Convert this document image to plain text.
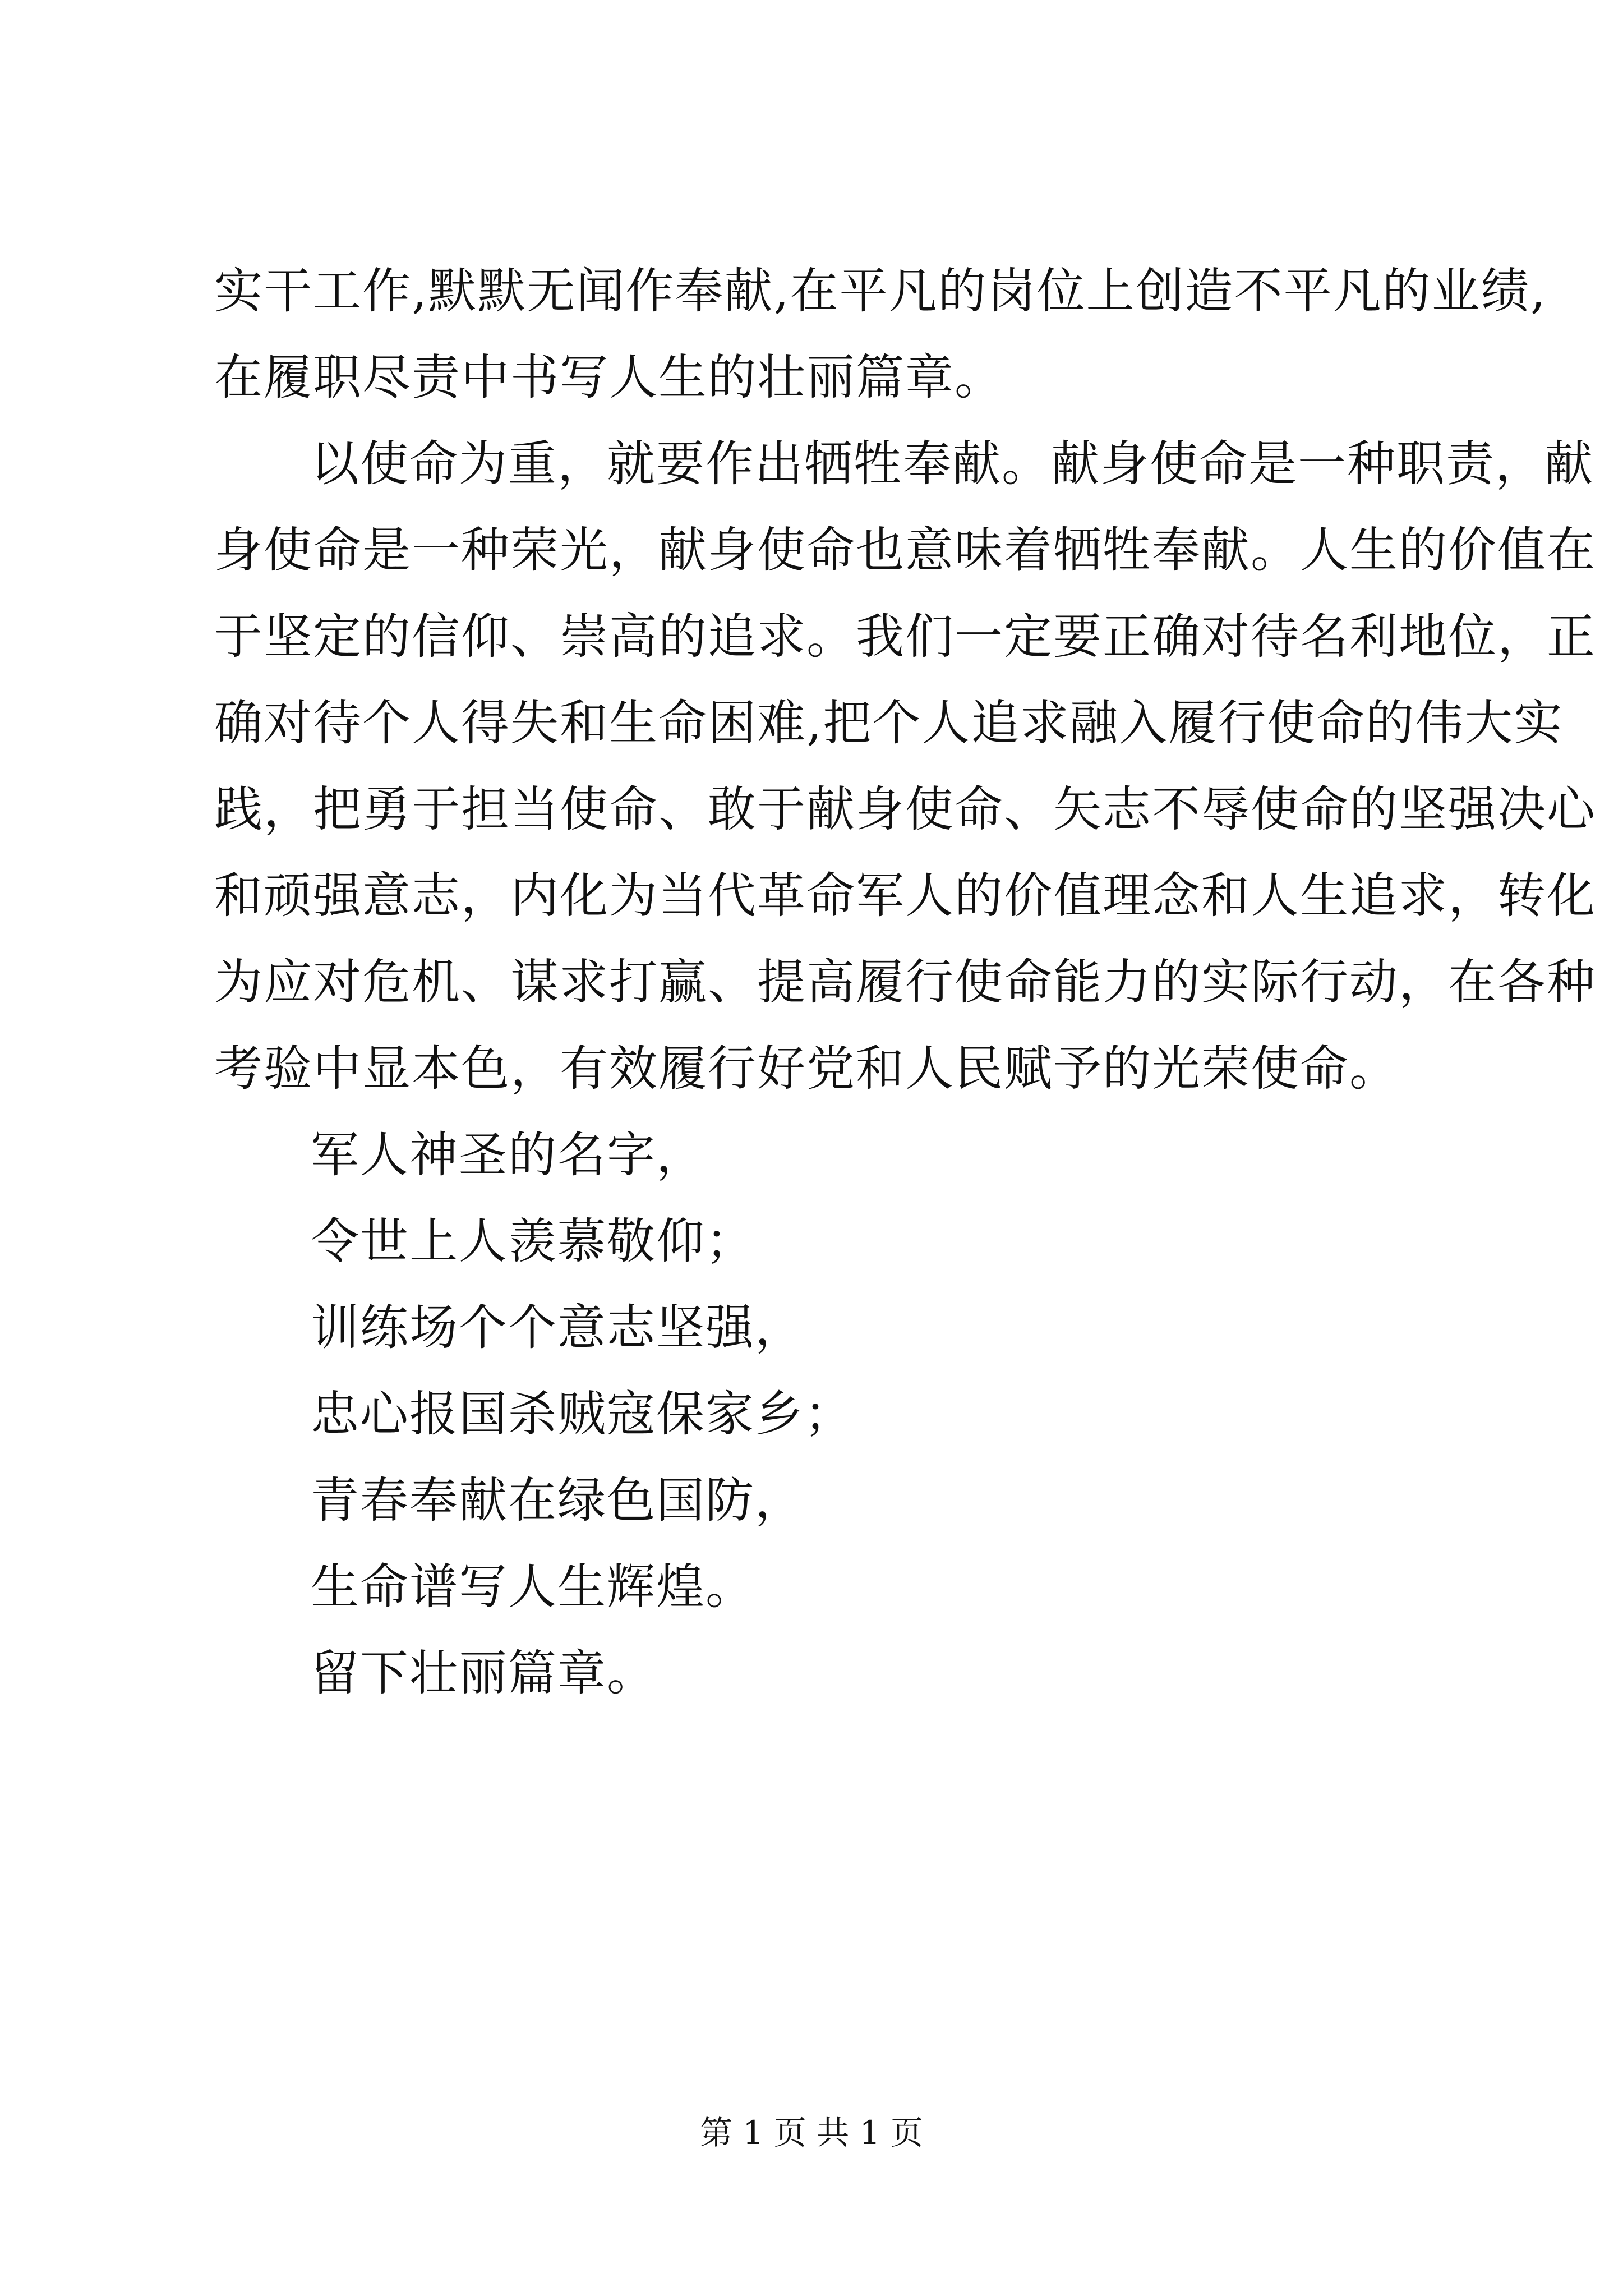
实干工作,默默无闻作奉献,在平凡的岗位上创造不平凡的业绩,
在履职尽责中书写人生的壮丽篇章。
以使命为重，就要作出牺牲奉献。献身使命是一种职责，献
身使命是一种荣光，献身使命也意味着牺牲奉献。人生的价值在
于坚定的信仰、崇高的追求。我们一定要正确对待名利地位，正
确对待个人得失和生命困难,把个人追求融入履行使命的伟大实
践，把勇于担当使命、敢于献身使命、矢志不辱使命的坚强决心
和顽强意志，内化为当代革命军人的价值理念和人生追求，转化
为应对危机、谋求打赢、提高履行使命能力的实际行动，在各种
考验中显本色，有效履行好党和人民赋予的光荣使命。
军人神圣的名字，
令世上人羡慕敬仰；
训练场个个意志坚强，
忠心报国杀贼寇保家乡；
青春奉献在绿色国防，
生命谱写人生辉煌。
留下壮丽篇章。
第 1 页 共 1 页
